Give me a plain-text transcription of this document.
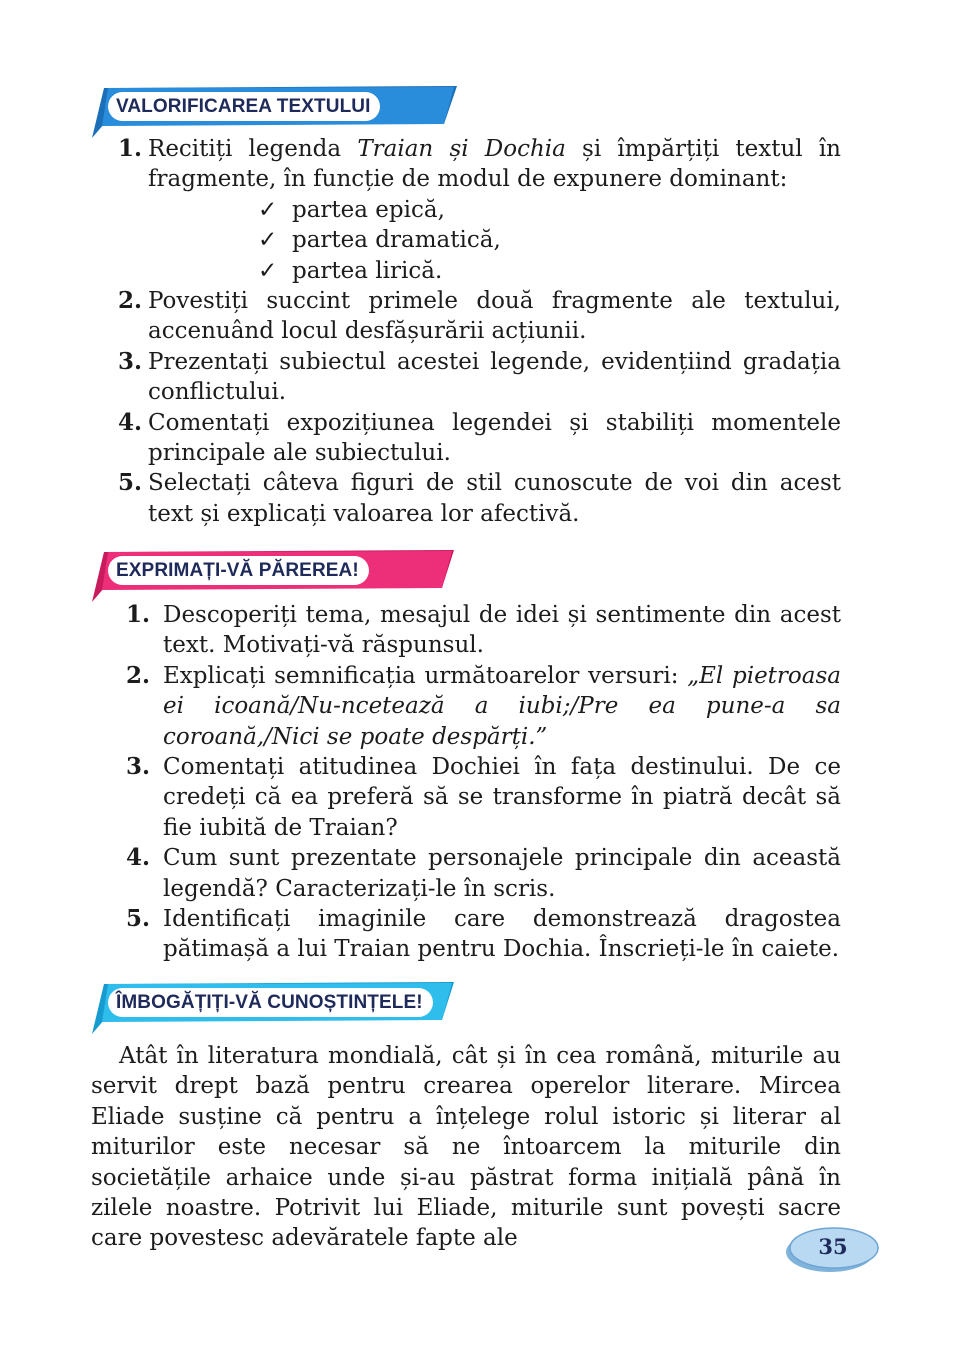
VALORIFICAREA TEXTULUI
1. Recitiți legenda Traian și Dochia și împărțiți textul în fragmente, în funcție de modul de expunere dominant:
✓ partea epică,
✓ partea dramatică,
✓ partea lirică.
2. Povestiți succint primele două fragmente ale textului, accenuând locul desfășurării acțiunii.
3. Prezentați subiectul acestei legende, evidențiind gradația conflictului.
4. Comentați expozițiunea legendei și stabiliți momentele principale ale subiectului.
5. Selectați câteva figuri de stil cunoscute de voi din acest text și explicați valoarea lor afectivă.
EXPRIMAȚI-VĂ PĂREREA!
1. Descoperiți tema, mesajul de idei și sentimente din acest text. Motivați-vă răspunsul.
2. Explicați semnificația următoarelor versuri: „El pietroasa ei icoană/Nu-ncetează a iubi;/Pre ea pune-a sa coroană,/Nici se poate despărți.”
3. Comentați atitudinea Dochiei în fața destinului. De ce credeți că ea preferă să se transforme în piatră decât să fie iubită de Traian?
4. Cum sunt prezentate personajele principale din această legendă? Caracterizați-le în scris.
5. Identificați imaginile care demonstrează dragostea pătimașă a lui Traian pentru Dochia. Înscrieți-le în caiete.
ÎMBOGĂȚIȚI-VĂ CUNOȘTINȚELE!
Atât în literatura mondială, cât și în cea română, miturile au servit drept bază pentru crearea operelor literare. Mircea Eliade susține că pentru a înțelege rolul istoric și literar al miturilor este necesar să ne întoarcem la miturile din societățile arhaice unde și-au păstrat forma inițială până în zilele noastre. Potrivit lui Eliade, miturile sunt povești sacre care povestesc adevăratele fapte ale	35
